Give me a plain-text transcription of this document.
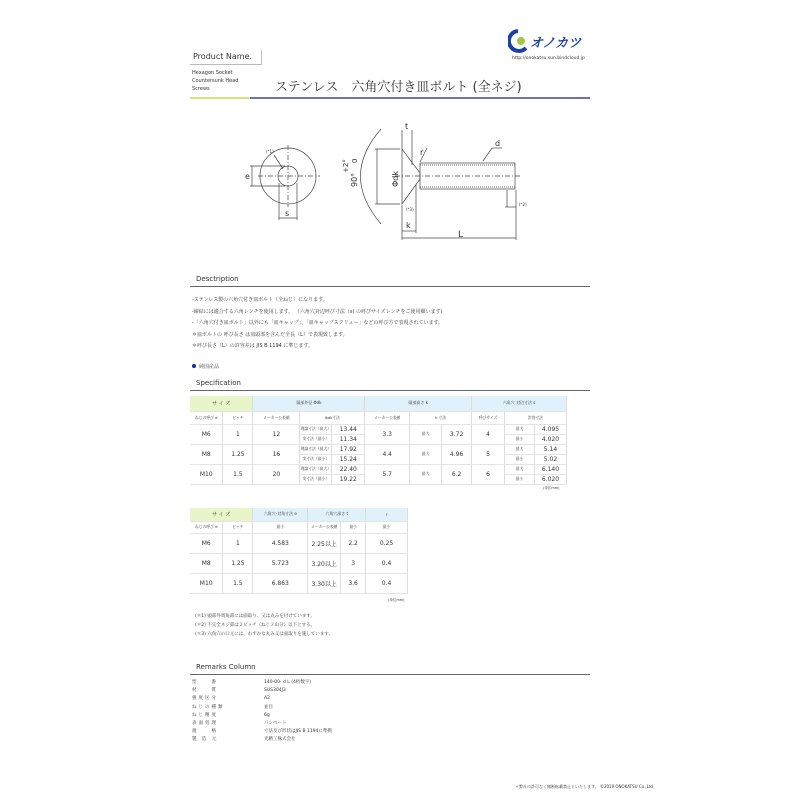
オノカツ
http://onokatsu.sun.bindcloud.jp
Product Name.
Hexagon Socket
Countersunk Head
Screws	ステンレス　六角穴付き皿ボルト (全ネジ)
e
s
(*1)
t
r
d
L
k
(*3)
(*2)
Φdk
90°
+2° 0
Desctription
-ステンレス製の六角穴付き皿ボルト（全ねじ）になります。
-締結には適合する六角レンチを使用します。 （六角穴対辺呼び寸法（s) の呼びサイズレンチをご使用願います)
-「六角穴付き皿ボルト」以外にも「皿キャップ」、「皿キャップスクリュー」などの呼び方で表現されています。
＊皿ボルトの 呼び長さ は皿頭部を含んだ全長（L）で表現致します。
＊呼び長さ（L）の許容差は JIS B 1194 に準じます。
純国産品
Specification
サ イ ズ		頭部外径 Φdk			頭部高さ k			六角穴 対辺寸法 s		
ねじの呼び d	ピッチ	メーカー公表値	Φdk寸法		メーカー公表値	k 寸法		呼びサイズ	許容寸法	
M6	1	12	理論寸法（最大）	13.44	3.3	最大	3.72	4	最大	4.095
			実寸法（最小）	11.34					最小	4.020
M8	1.25	16	理論寸法（最大）	17.92	4.4	最大	4.96	5	最大	5.14
			実寸法（最小）	15.24					最小	5.02
M10	1.5	20	理論寸法（最大）	22.40	5.7	最大	6.2	6	最大	6.140
			実寸法（最小）	19.22					最小	6.020
サ イ ズ		六角穴-対角寸法 e	六角穴深さ t		r
ねじの呼び d	ピッチ	最小	メーカー公表値	最小	最小
M6	1	4.583	2.25以上	2.2	0.25
M8	1.25	5.723	3.20以上	3	0.4
M10	1.5	6.863	3.30以上	3.6	0.4
(単位mm)
(単位mm)
(＊1) 頭部外周角部には面取り、又は丸みを付けています。
(＊2) 不完全ネジ部は２ピッチ（ねじ２山分）以下とする。
(＊3) 六角穴の口元には、わずかな丸み又は面取りを施しています。
Remarks Column
型　　番	140-00- d L (4桁数字)
材　　質	SUS304J3
強度区分	A2
ねじの種類	並目
ねじ精度	6g
表面処理	パシベート
規　　格	寸法及び形状はJIS B 1194に準拠
製 造 元	光精工株式会社
＊弊社の許可なく無断転載禁止といたします。 ©2019 ONOKATSU Co.,Ltd
